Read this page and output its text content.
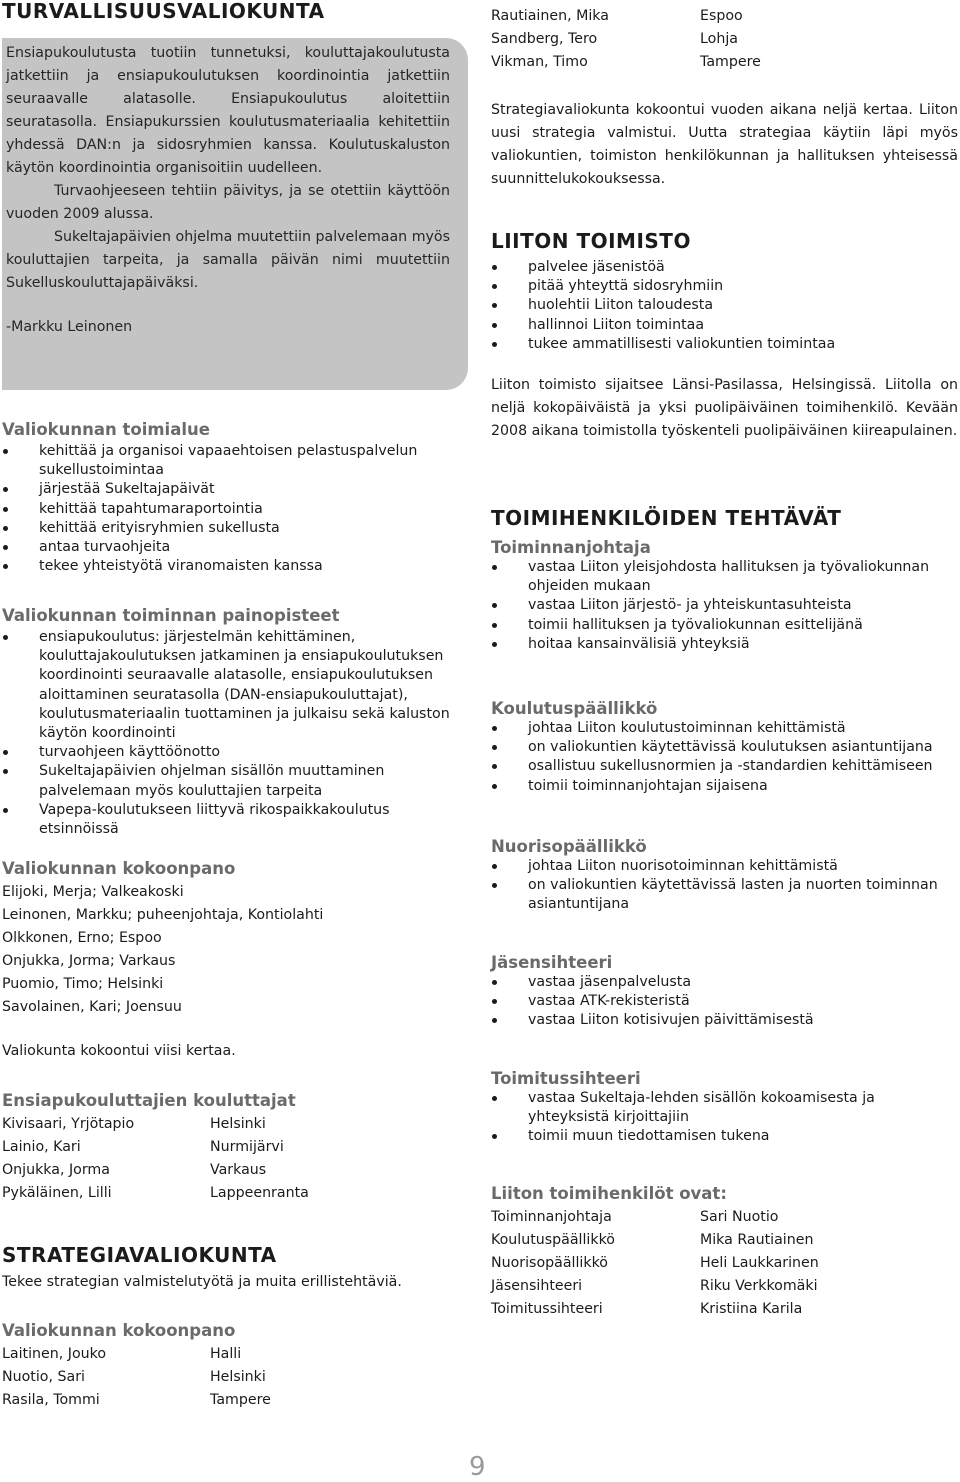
TURVALLISUUSVALIOKUNTA

Ensiapukoulutusta tuotiin tunnetuksi, kouluttajakoulutusta jatkettiin ja ensiapukoulutuksen koordinointia jatkettiin seuraavalle alatasolle. Ensiapukoulutus aloitettiin seuratasolla. Ensiapukurssien koulutusmateriaalia kehitettiin yhdessä DAN:n ja sidosryhmien kanssa. Koulutuskaluston käytön koordinointia organisoitiin uudelleen.

Turvaohjeeseen tehtiin päivitys, ja se otettiin käyttöön vuoden 2009 alussa.

Sukeltajapäivien ohjelma muutettiin palvelemaan myös kouluttajien tarpeita, ja samalla päivän nimi muutettiin Sukelluskouluttajapäiväksi.

-Markku Leinonen

Valiokunnan toimialue
kehittää ja organisoi vapaaehtoisen pelastuspalvelun sukellustoimintaa
järjestää Sukeltajapäivät
kehittää tapahtumaraportointia
kehittää erityisryhmien sukellusta
antaa turvaohjeita
tekee yhteistyötä viranomaisten kanssa
Valiokunnan toiminnan painopisteet
ensiapukoulutus: järjestelmän kehittäminen, kouluttajakoulutuksen jatkaminen ja ensiapukoulutuksen koordinointi seuraavalle alatasolle, ensiapukoulutuksen aloittaminen seuratasolla (DAN-ensiapukouluttajat), koulutusmateriaalin tuottaminen ja julkaisu sekä kaluston käytön koordinointi
turvaohjeen käyttöönotto
Sukeltajapäivien ohjelman sisällön muuttaminen palvelemaan myös kouluttajien tarpeita
Vapepa-koulutukseen liittyvä rikospaikkakoulutus etsinnöissä
Valiokunnan kokoonpano

Elijoki, Merja; Valkeakoski

Leinonen, Markku; puheenjohtaja, Kontiolahti

Olkkonen, Erno; Espoo

Onjukka, Jorma; Varkaus

Puomio, Timo; Helsinki

Savolainen, Kari; Joensuu

Valiokunta kokoontui viisi kertaa.

Ensiapukouluttajien kouluttajat
Kivisaari, Yrjötapio	Helsinki
Lainio, Kari	Nurmijärvi
Onjukka, Jorma	Varkaus
Pykäläinen, Lilli	Lappeenranta
STRATEGIAVALIOKUNTA

Tekee strategian valmistelutyötä ja muita erillistehtäviä.

Valiokunnan kokoonpano
Laitinen, Jouko	Halli
Nuotio, Sari	Helsinki
Rasila, Tommi	Tampere
Rautiainen, Mika	Espoo
Sandberg, Tero	Lohja
Vikman, Timo	Tampere

Strategiavaliokunta kokoontui vuoden aikana neljä kertaa. Liiton uusi strategia valmistui. Uutta strategiaa käytiin läpi myös valiokuntien, toimiston henkilökunnan ja hallituksen yhteisessä suunnittelukokouksessa.

LIITON TOIMISTO
palvelee jäsenistöä
pitää yhteyttä sidosryhmiin
huolehtii Liiton taloudesta
hallinnoi Liiton toimintaa
tukee ammatillisesti valiokuntien toimintaa

Liiton toimisto sijaitsee Länsi-Pasilassa, Helsingissä. Liitolla on neljä kokopäiväistä ja yksi puolipäiväinen toimihenkilö. Kevään 2008 aikana toimistolla työskenteli puolipäiväinen kiireapulainen.

TOIMIHENKILÖIDEN TEHTÄVÄT
Toiminnanjohtaja
vastaa Liiton yleisjohdosta hallituksen ja työvaliokunnan ohjeiden mukaan
vastaa Liiton järjestö- ja yhteiskuntasuhteista
toimii hallituksen ja työvaliokunnan esittelijänä
hoitaa kansainvälisiä yhteyksiä
Koulutuspäällikkö
johtaa Liiton koulutustoiminnan kehittämistä
on valiokuntien käytettävissä koulutuksen asiantuntijana
osallistuu sukellusnormien ja -standardien kehittämiseen
toimii toiminnanjohtajan sijaisena
Nuorisopäällikkö
johtaa Liiton nuorisotoiminnan kehittämistä
on valiokuntien käytettävissä lasten ja nuorten toiminnan asiantuntijana
Jäsensihteeri
vastaa jäsenpalvelusta
vastaa ATK-rekisteristä
vastaa Liiton kotisivujen päivittämisestä
Toimitussihteeri
vastaa Sukeltaja-lehden sisällön kokoamisesta ja yhteyksistä kirjoittajiin
toimii muun tiedottamisen tukena
Liiton toimihenkilöt ovat:
Toiminnanjohtaja	Sari Nuotio
Koulutuspäällikkö	Mika Rautiainen
Nuorisopäällikkö	Heli Laukkarinen
Jäsensihteeri	Riku Verkkomäki
Toimitussihteeri	Kristiina Karila
9
